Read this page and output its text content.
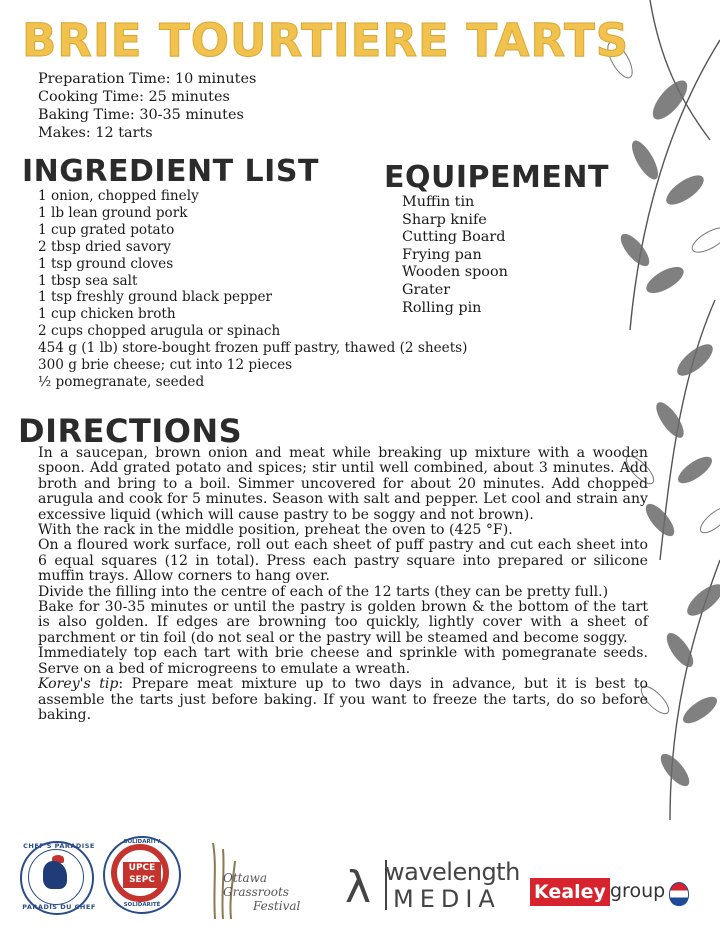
BRIE TOURTIERE TARTS
Preparation Time: 10 minutes
Cooking Time: 25 minutes
Baking Time: 30-35 minutes
Makes: 12 tarts
INGREDIENT LIST EQUIPEMENT
1 onion, chopped finely
1 lb lean ground pork
1 cup grated potato
2 tbsp dried savory
1 tsp ground cloves
1 tbsp sea salt
1 tsp freshly ground black pepper
1 cup chicken broth
2 cups chopped arugula or spinach
454 g (1 lb) store-bought frozen puff pastry, thawed (2 sheets)
300 g brie cheese; cut into 12 pieces
½ pomegranate, seeded
Muffin tin
Sharp knife
Cutting Board
Frying pan
Wooden spoon
Grater
Rolling pin
DIRECTIONS

In a saucepan, brown onion and meat while breaking up mixture with a wooden spoon. Add grated potato and spices; stir until well combined, about 3 minutes. Add broth and bring to a boil. Simmer uncovered for about 20 minutes. Add chopped arugula and cook for 5 minutes. Season with salt and pepper. Let cool and strain any excessive liquid (which will cause pastry to be soggy and not brown).

With the rack in the middle position, preheat the oven to (425 °F).

On a floured work surface, roll out each sheet of puff pastry and cut each sheet into 6 equal squares (12 in total). Press each pastry square into prepared or silicone muffin trays. Allow corners to hang over.

Divide the filling into the centre of each of the 12 tarts (they can be pretty full.)

Bake for 30-35 minutes or until the pastry is golden brown & the bottom of the tart is also golden. If edges are browning too quickly, lightly cover with a sheet of parchment or tin foil (do not seal or the pastry will be steamed and become soggy.

Immediately top each tart with brie cheese and sprinkle with pomegranate seeds. Serve on a bed of microgreens to emulate a wreath.

Korey's tip: Prepare meat mixture up to two days in advance, but it is best to assemble the tarts just before baking. If you want to freeze the tarts, do so before baking.

CHEF'S PARADISE
PARADIS DU CHEF
UPCE SEPC
SOLIDARITY
SOLIDARITÉ
Ottawa Grassroots
Festival	λ wavelength
MEDIA Kealey group
